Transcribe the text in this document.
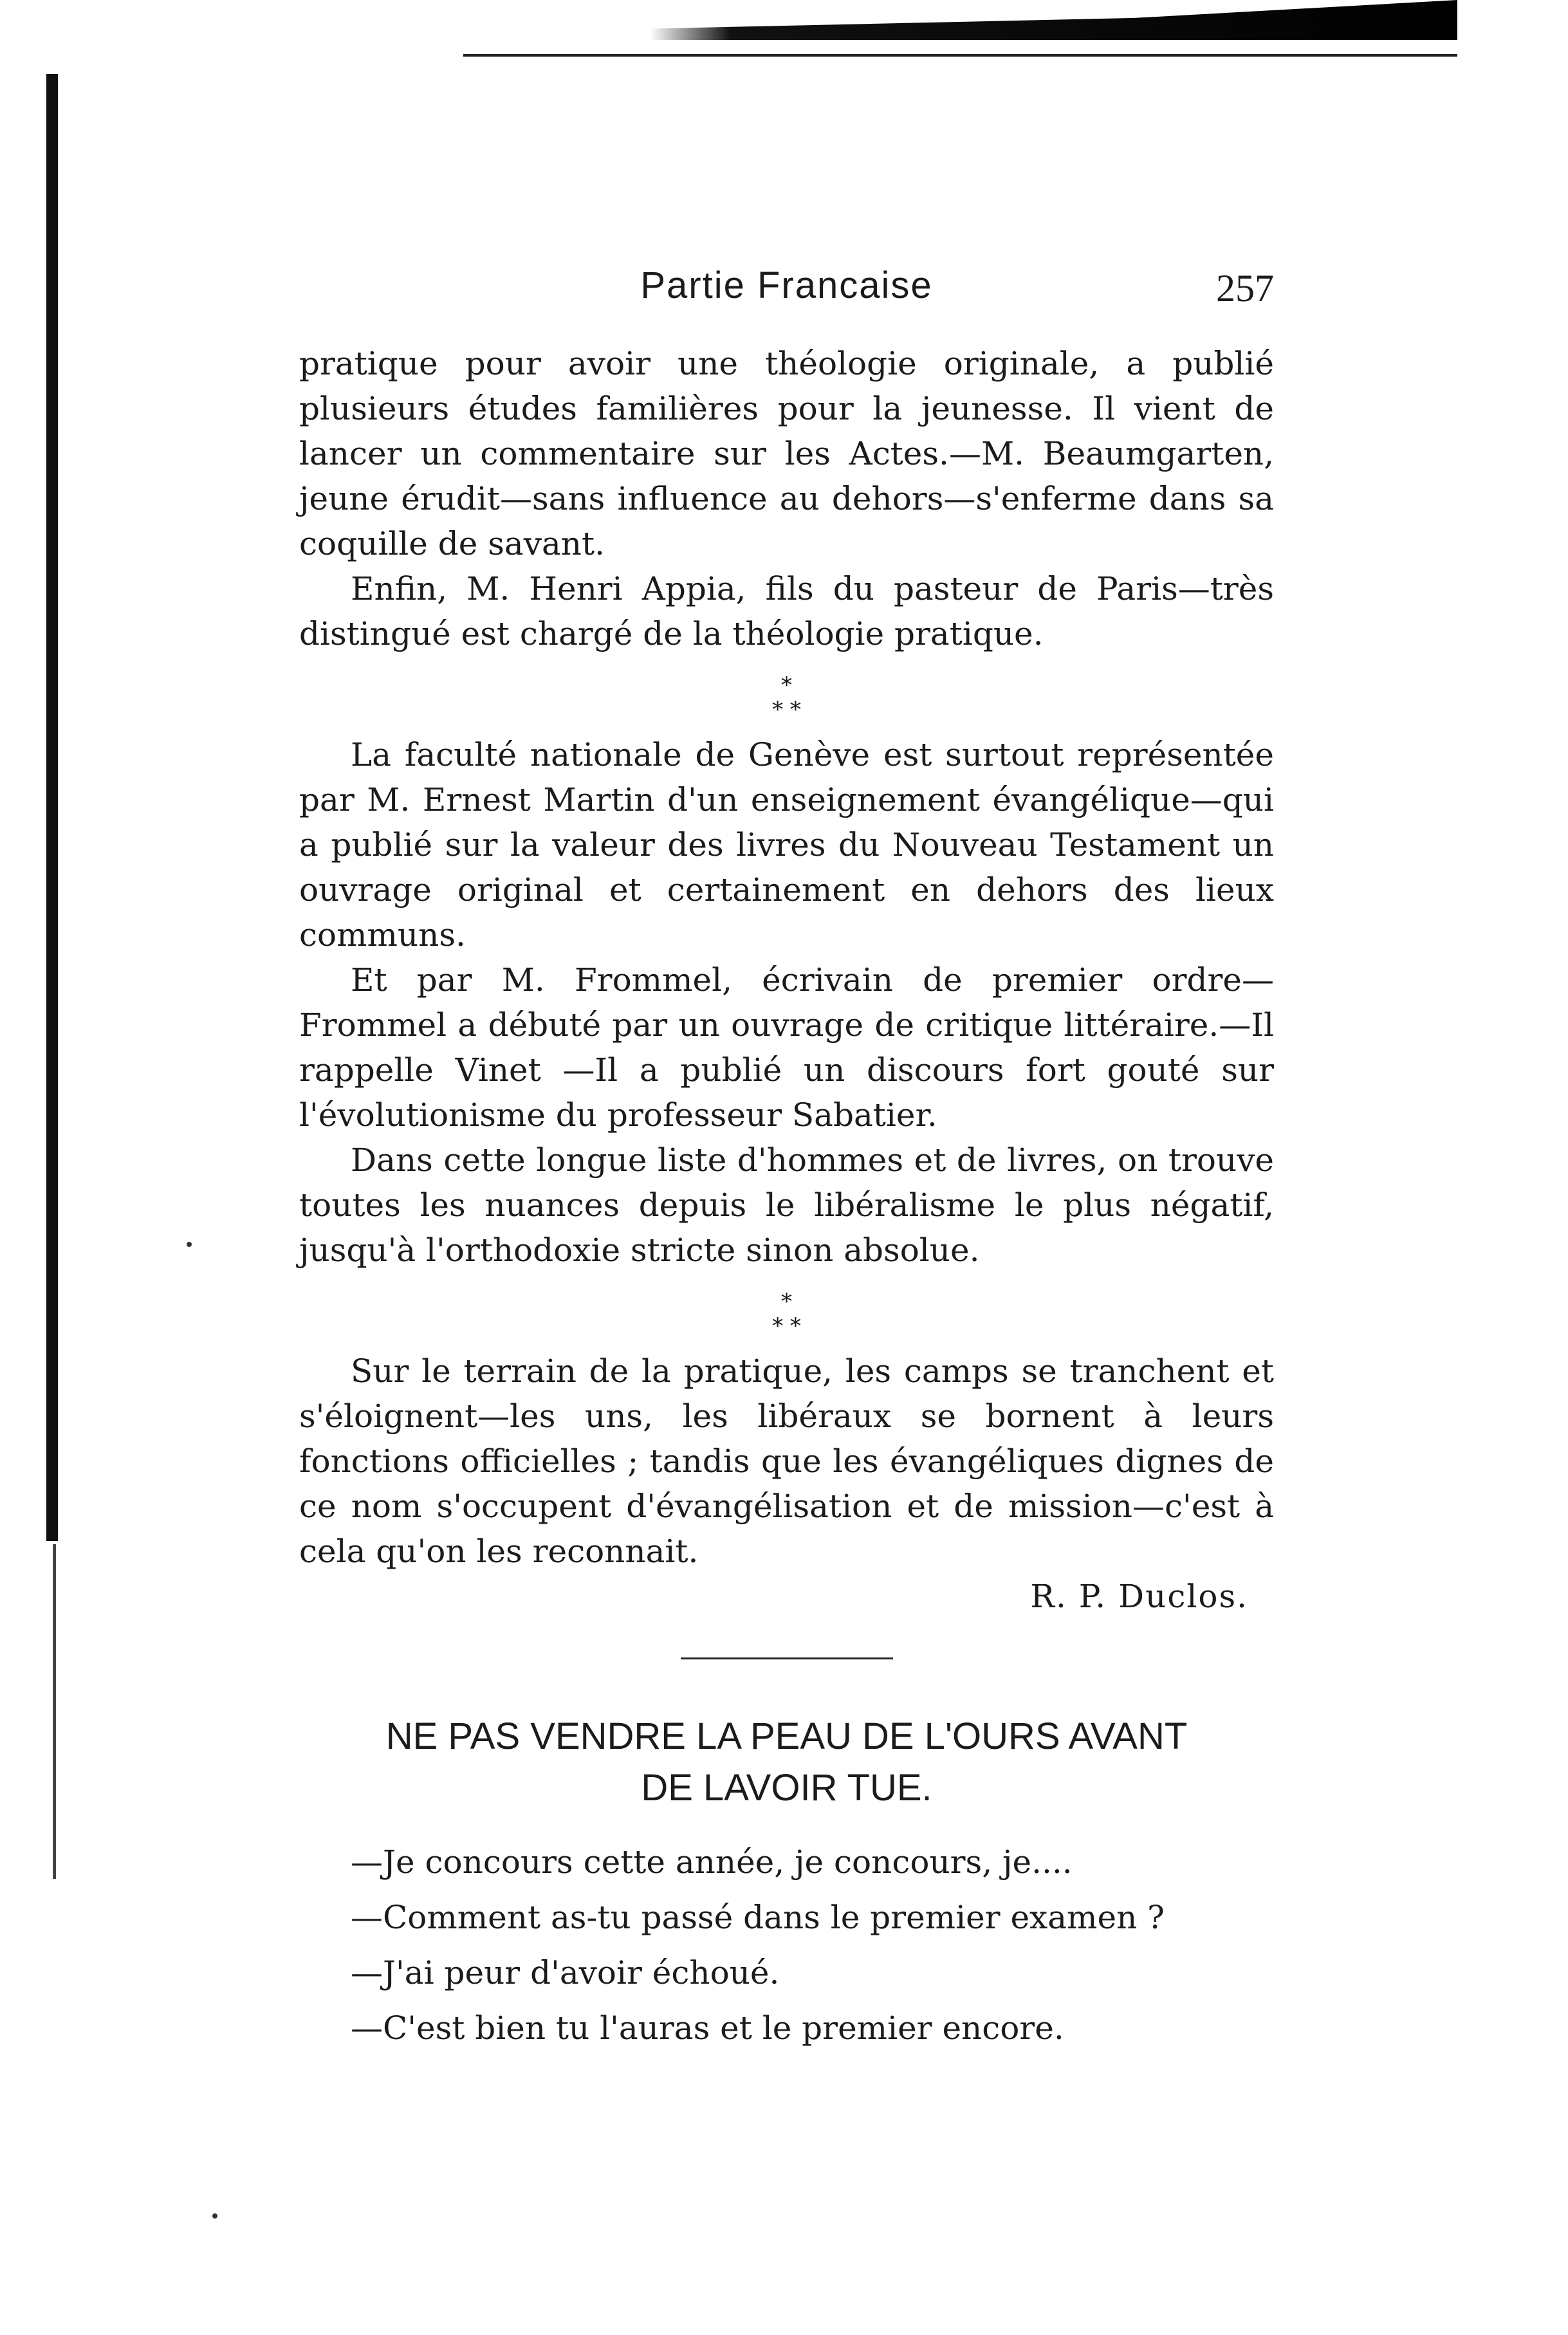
Partie Francaise	257

pratique pour avoir une théologie originale, a publié plusieurs études familières pour la jeunesse. Il vient de lancer un commentaire sur les Actes.—M. Beaumgarten, jeune érudit—sans influence au dehors—s'enferme dans sa coquille de savant.

Enfin, M. Henri Appia, fils du pasteur de Paris—très distingué est chargé de la théologie pratique.

*
* *

La faculté nationale de Genève est surtout représentée par M. Ernest Martin d'un enseignement évangélique—qui a publié sur la valeur des livres du Nouveau Testament un ouvrage original et certainement en dehors des lieux communs.

Et par M. Frommel, écrivain de premier ordre—Frommel a débuté par un ouvrage de critique littéraire.—Il rappelle Vinet —Il a publié un discours fort gouté sur l'évolutionisme du professeur Sabatier.

Dans cette longue liste d'hommes et de livres, on trouve toutes les nuances depuis le libéralisme le plus négatif, jusqu'à l'orthodoxie stricte sinon absolue.

*
* *

Sur le terrain de la pratique, les camps se tranchent et s'éloignent—les uns, les libéraux se bornent à leurs fonctions officielles ; tandis que les évangéliques dignes de ce nom s'occupent d'évangélisation et de mission—c'est à cela qu'on les reconnait.

R. P. Duclos.

NE PAS VENDRE LA PEAU DE L'OURS AVANT
DE LAVOIR TUE.

—Je concours cette année, je concours, je....

—Comment as-tu passé dans le premier examen ?

—J'ai peur d'avoir échoué.

—C'est bien tu l'auras et le premier encore.
